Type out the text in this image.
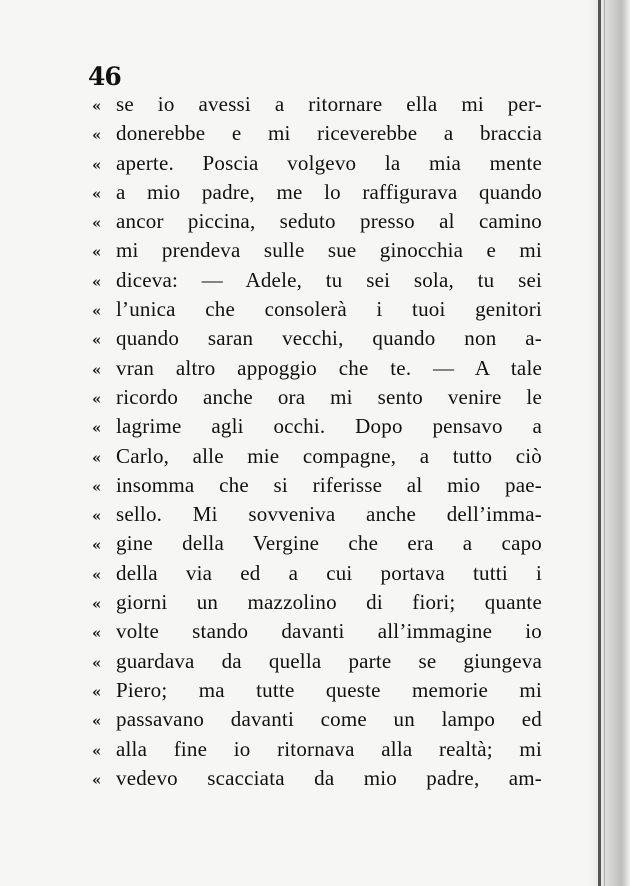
46
« se io avessi a ritornare ella mi per-
« donerebbe e mi riceverebbe a braccia
« aperte. Poscia volgevo la mia mente
« a mio padre, me lo raffigurava quando
« ancor piccina, seduto presso al camino
« mi prendeva sulle sue ginocchia e mi
« diceva: — Adele, tu sei sola, tu sei
« l’unica che consolerà i tuoi genitori
« quando saran vecchi, quando non a-
« vran altro appoggio che te. — A tale
« ricordo anche ora mi sento venire le
« lagrime agli occhi. Dopo pensavo a
« Carlo, alle mie compagne, a tutto ciò
« insomma che si riferisse al mio pae-
« sello. Mi sovveniva anche dell’imma-
« gine della Vergine che era a capo
« della via ed a cui portava tutti i
« giorni un mazzolino di fiori; quante
« volte stando davanti all’immagine io
« guardava da quella parte se giungeva
« Piero; ma tutte queste memorie mi
« passavano davanti come un lampo ed
« alla fine io ritornava alla realtà; mi
« vedevo scacciata da mio padre, am-
